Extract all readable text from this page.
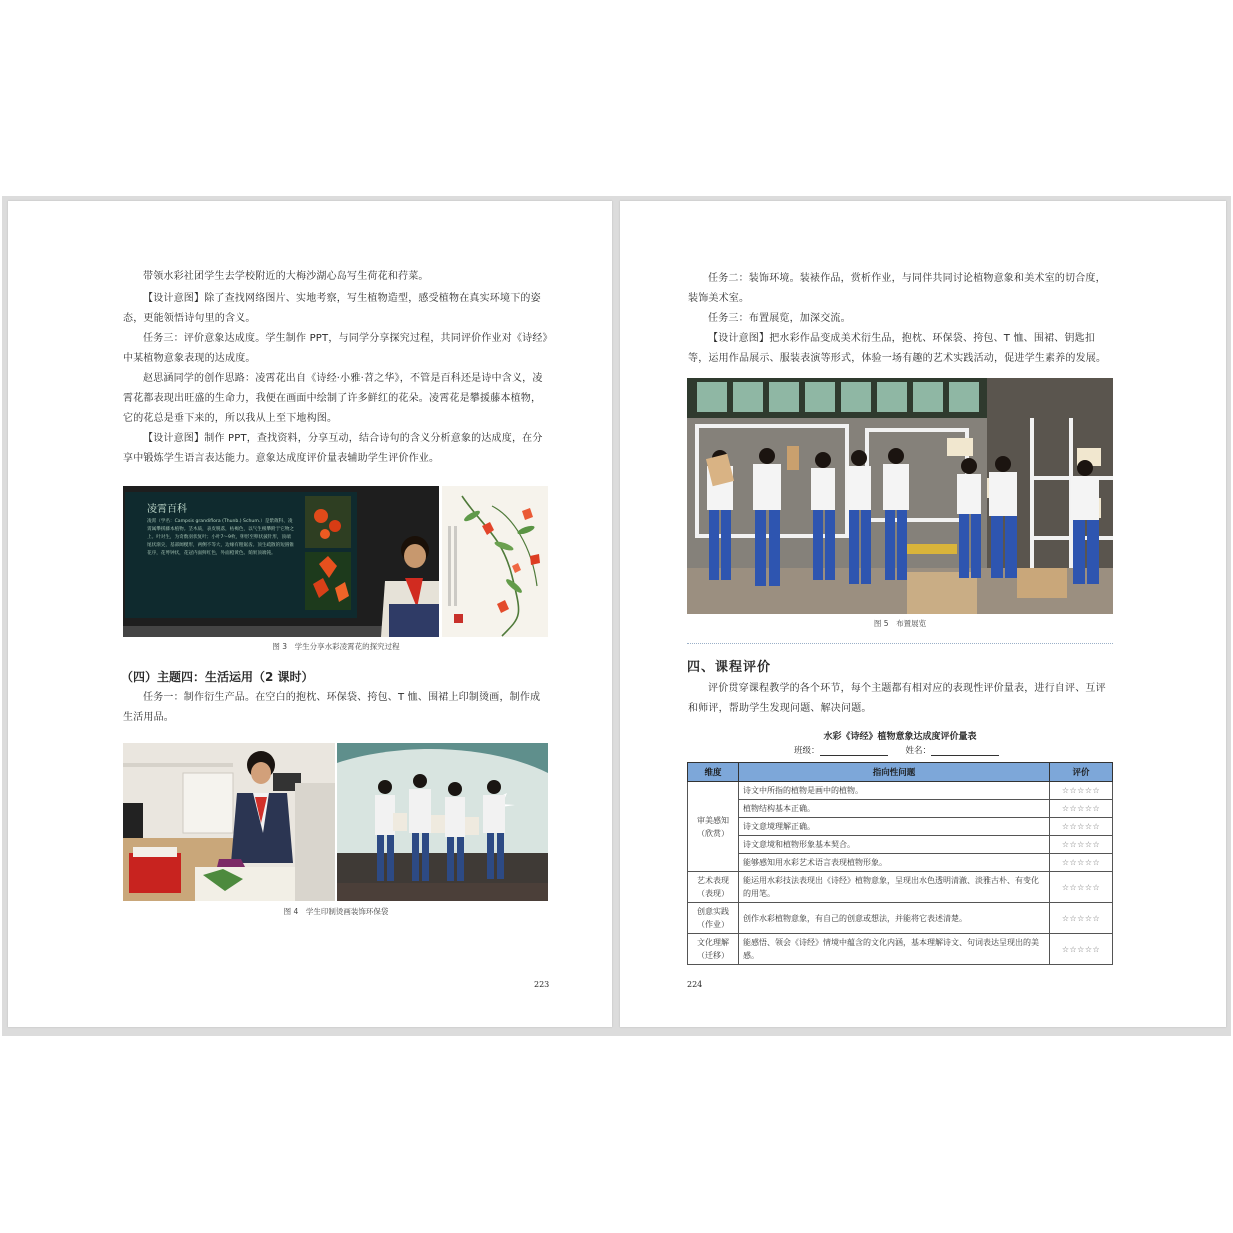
带领水彩社团学生去学校附近的大梅沙湖心岛写生荷花和荇菜。

【设计意图】除了查找网络图片、实地考察，写生植物造型，感受植物在真实环境下的姿态，更能领悟诗句里的含义。

任务三：评价意象达成度。学生制作 PPT，与同学分享探究过程，共同评价作业对《诗经》中某植物意象表现的达成度。

赵思涵同学的创作思路：凌霄花出自《诗经·小雅·苕之华》，不管是百科还是诗中含义，凌霄花都表现出旺盛的生命力，我便在画面中绘制了许多鲜红的花朵。凌霄花是攀援藤本植物，它的花总是垂下来的，所以我从上至下地构图。

【设计意图】制作 PPT，查找资料，分享互动，结合诗句的含义分析意象的达成度，在分享中锻炼学生语言表达能力。意象达成度评价量表辅助学生评价作业。

凌霄百科
凌霄（学名：Campsis grandiflora (Thunb.) Schum.）是紫葳科、凌霄属攀援藤本植物。茎木质，表皮脱落，枯褐色，以气生根攀附于它物之上。叶对生，为奇数羽状复叶；小叶7～9枚，卵形至卵状披针形，顶端尾状渐尖，基部阔楔形，两侧不等大，边缘有粗锯齿。顶生疏散的短圆锥花序，花萼钟状，花冠内面鲜红色，外面橙黄色。蒴果顶端钝。
图 3　学生分享水彩凌霄花的探究过程
（四）主题四：生活运用（2 课时）

任务一：制作衍生产品。在空白的抱枕、环保袋、挎包、T 恤、围裙上印制烫画，制作成生活用品。

图 4　学生印制烫画装饰环保袋
223

任务二：装饰环境。装裱作品，赏析作业，与同伴共同讨论植物意象和美术室的切合度，装饰美术室。

任务三：布置展览，加深交流。

【设计意图】把水彩作品变成美术衍生品，抱枕、环保袋、挎包、T 恤、围裙、钥匙扣等，运用作品展示、服装表演等形式，体验一场有趣的艺术实践活动，促进学生素养的发展。

图 5　布置展览
四、课程评价

评价贯穿课程教学的各个环节，每个主题都有相对应的表现性评价量表，进行自评、互评和师评，帮助学生发现问题、解决问题。

水彩《诗经》植物意象达成度评价量表
班级：	姓名：
维度	指向性问题	评价
审美感知（欣赏）	诗文中所指的植物是画中的植物。	☆☆☆☆☆
	植物结构基本正确。	☆☆☆☆☆
	诗文意境理解正确。	☆☆☆☆☆
	诗文意境和植物形象基本契合。	☆☆☆☆☆
	能够感知用水彩艺术语言表现植物形象。	☆☆☆☆☆
艺术表现（表现）	能运用水彩技法表现出《诗经》植物意象，呈现出水色透明清澈、淡雅古朴、有变化的用笔。	☆☆☆☆☆
创意实践（作业）	创作水彩植物意象，有自己的创意或想法，并能将它表述清楚。	☆☆☆☆☆
文化理解（迁移）	能感悟、领会《诗经》情境中蕴含的文化内涵，基本理解诗文、句词表达呈现出的美感。	☆☆☆☆☆
224
